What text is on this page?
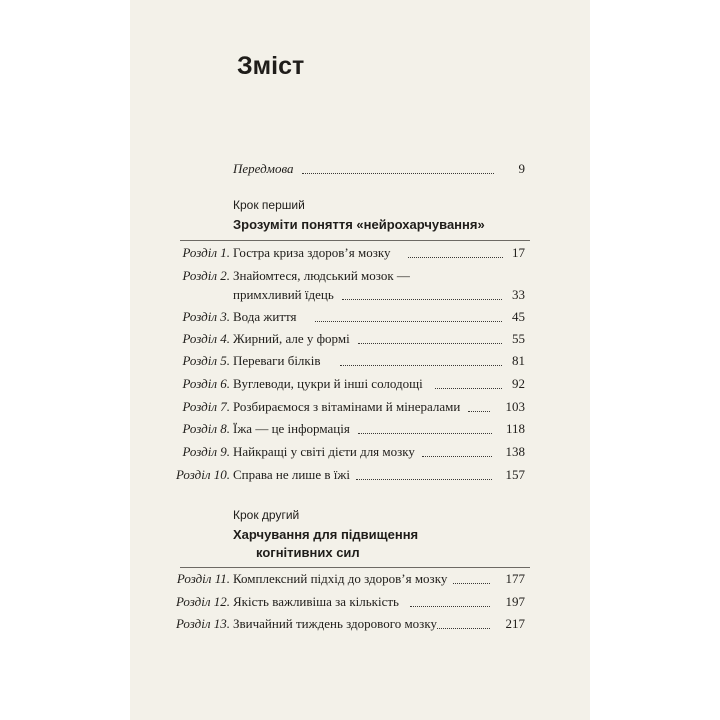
Зміст
Передмова	9
Крок перший
Зрозуміти поняття «нейрохарчування»
Розділ 1. Гостра криза здоров’я мозку	17
Розділ 2. Знайомтеся, людський мозок —
примхливий їдець	33
Розділ 3. Вода життя	45
Розділ 4. Жирний, але у формі	55
Розділ 5. Переваги білків	81
Розділ 6. Вуглеводи, цукри й інші солодощі	92
Розділ 7. Розбираємося з вітамінами й мінералами	103
Розділ 8. Їжа — це інформація	118
Розділ 9. Найкращі у світі дієти для мозку	138
Розділ 10. Справа не лише в їжі	157
Крок другий
Харчування для підвищення
когнітивних сил
Розділ 11. Комплексний підхід до здоров’я мозку	177
Розділ 12. Якість важливіша за кількість	197
Розділ 13. Звичайний тиждень здорового мозку	217
